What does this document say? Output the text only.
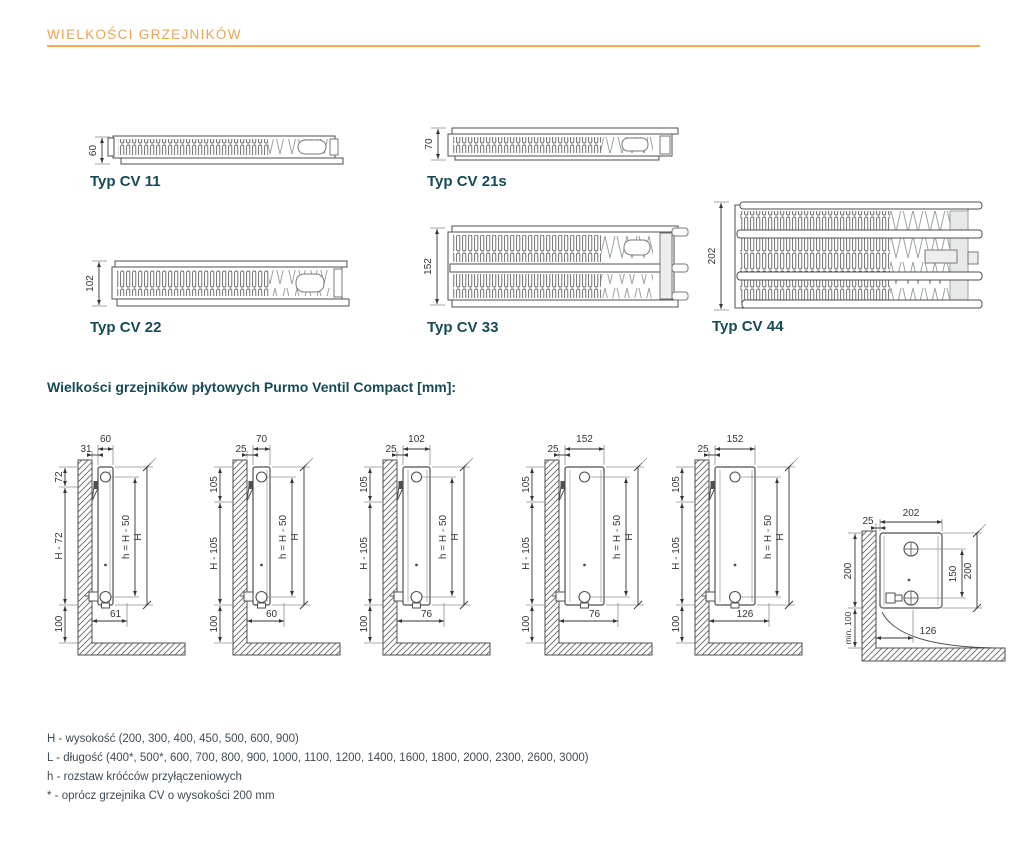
60
70
102
152
202
60
31
72
H - 72
100
h = H - 50 H
61
70
25
105
H - 105
100
h = H - 50 H
60
102
25
105
H - 105
100
h = H - 50 H
76
152
25
105
H - 105
100
h = H - 50 H
76
152
25
105
H - 105
100
h = H - 50 H
126
202
25
150 200
200
min. 100	126
WIELKOŚCI GRZEJNIKÓW
Typ CV 11	Typ CV 21s
Typ CV 22	Typ CV 33	Typ CV 44
Wielkości grzejników płytowych Purmo Ventil Compact [mm]:
H - wysokość (200, 300, 400, 450, 500, 600, 900)
L - długość (400*, 500*, 600, 700, 800, 900, 1000, 1100, 1200, 1400, 1600, 1800, 2000, 2300, 2600, 3000)
h - rozstaw króćców przyłączeniowych
* - oprócz grzejnika CV o wysokości 200 mm
